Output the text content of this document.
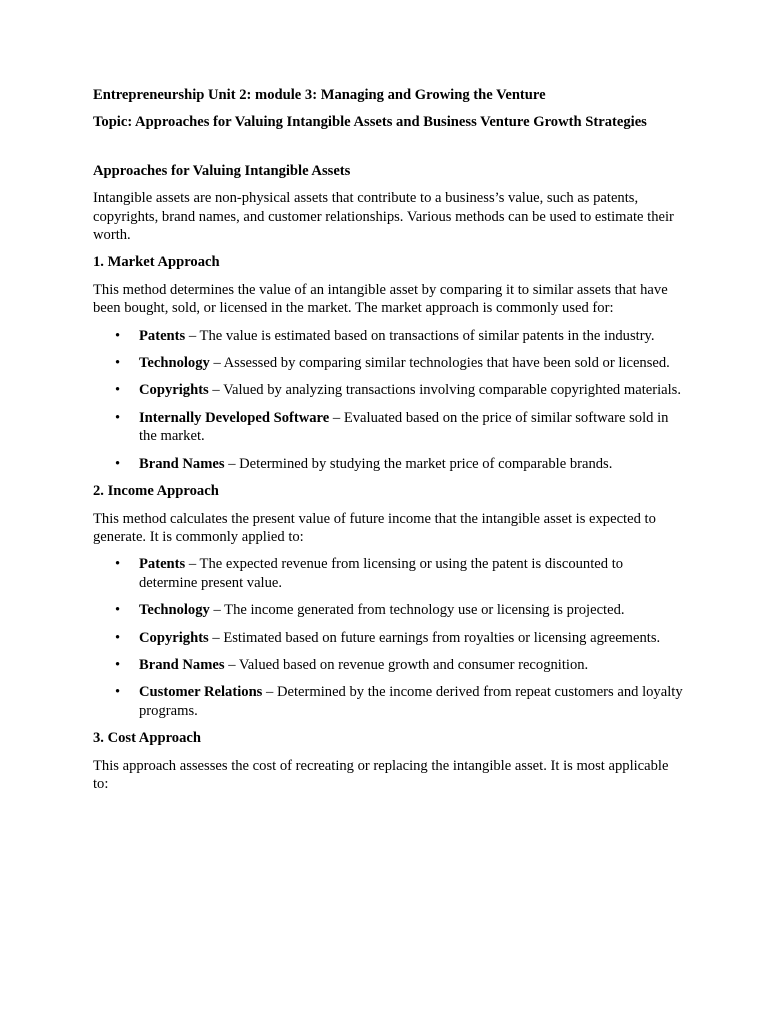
Entrepreneurship Unit 2: module 3: Managing and Growing the Venture

Topic: Approaches for Valuing Intangible Assets and Business Venture Growth Strategies

Approaches for Valuing Intangible Assets

Intangible assets are non-physical assets that contribute to a business’s value, such as patents, copyrights, brand names, and customer relationships. Various methods can be used to estimate their worth.

1. Market Approach

This method determines the value of an intangible asset by comparing it to similar assets that have been bought, sold, or licensed in the market. The market approach is commonly used for:

• Patents – The value is estimated based on transactions of similar patents in the industry.
• Technology – Assessed by comparing similar technologies that have been sold or licensed.
• Copyrights – Valued by analyzing transactions involving comparable copyrighted materials.
• Internally Developed Software – Evaluated based on the price of similar software sold in the market.
• Brand Names – Determined by studying the market price of comparable brands.

2. Income Approach

This method calculates the present value of future income that the intangible asset is expected to generate. It is commonly applied to:

• Patents – The expected revenue from licensing or using the patent is discounted to determine present value.
• Technology – The income generated from technology use or licensing is projected.
• Copyrights – Estimated based on future earnings from royalties or licensing agreements.
• Brand Names – Valued based on revenue growth and consumer recognition.
• Customer Relations – Determined by the income derived from repeat customers and loyalty programs.

3. Cost Approach

This approach assesses the cost of recreating or replacing the intangible asset. It is most applicable to:
